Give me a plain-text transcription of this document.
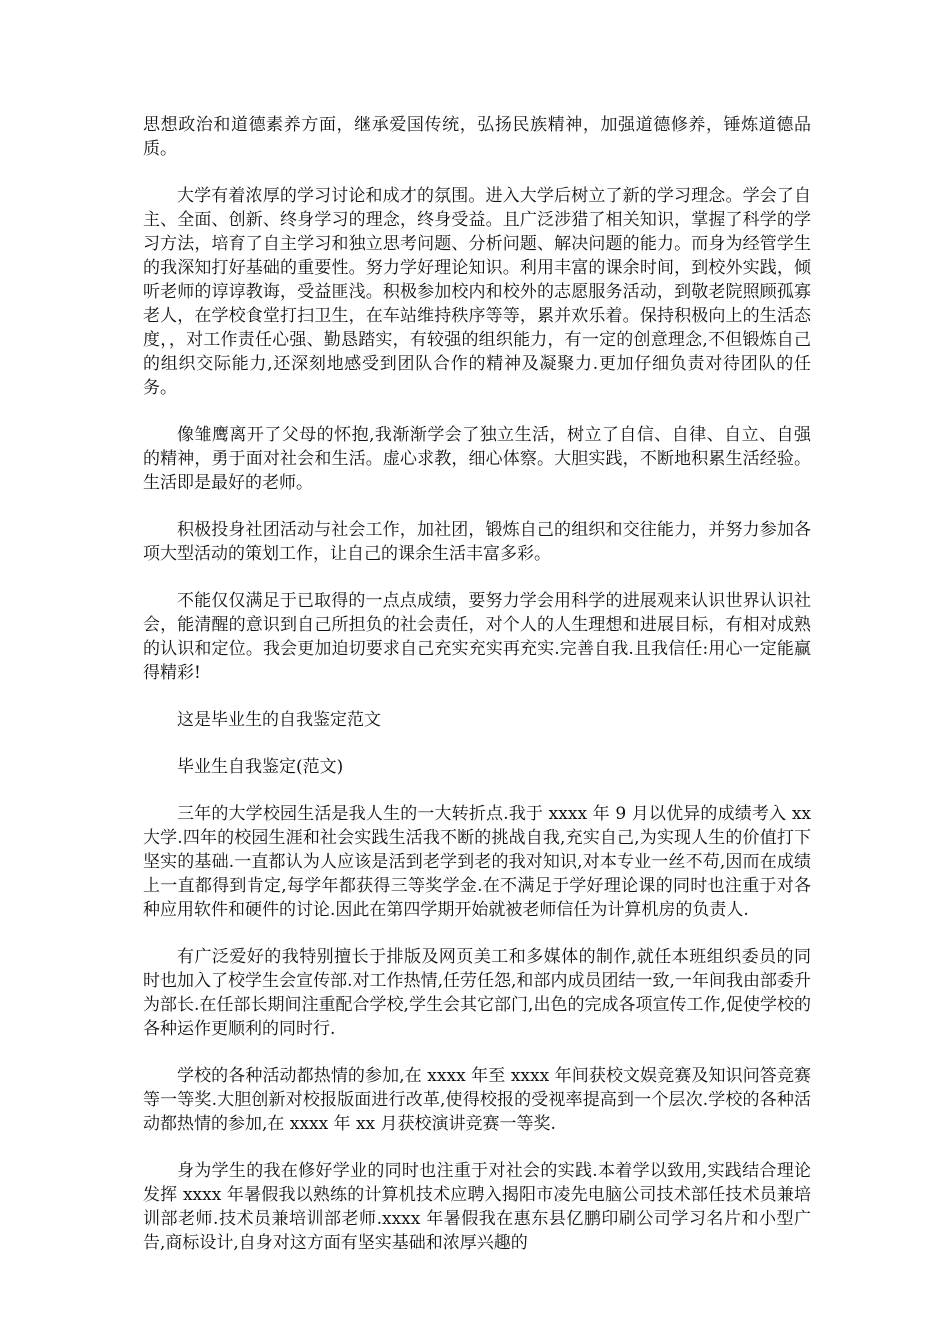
思想政治和道德素养方面，继承爱国传统，弘扬民族精神，加强道德修养，锤炼道德品质。

大学有着浓厚的学习讨论和成才的氛围。进入大学后树立了新的学习理念。学会了自主、全面、创新、终身学习的理念，终身受益。且广泛涉猎了相关知识，掌握了科学的学习方法，培育了自主学习和独立思考问题、分析问题、解决问题的能力。而身为经管学生的我深知打好基础的重要性。努力学好理论知识。利用丰富的课余时间，到校外实践，倾听老师的谆谆教诲，受益匪浅。积极参加校内和校外的志愿服务活动，到敬老院照顾孤寡老人，在学校食堂打扫卫生，在车站维持秩序等等，累并欢乐着。保持积极向上的生活态度，，对工作责任心强、勤恳踏实，有较强的组织能力，有一定的创意理念,不但锻炼自己的组织交际能力,还深刻地感受到团队合作的精神及凝聚力.更加仔细负责对待团队的任务。

像雏鹰离开了父母的怀抱,我渐渐学会了独立生活，树立了自信、自律、自立、自强的精神，勇于面对社会和生活。虚心求教，细心体察。大胆实践，不断地积累生活经验。生活即是最好的老师。

积极投身社团活动与社会工作，加社团，锻炼自己的组织和交往能力，并努力参加各项大型活动的策划工作，让自己的课余生活丰富多彩。

不能仅仅满足于已取得的一点点成绩，要努力学会用科学的进展观来认识世界认识社会，能清醒的意识到自己所担负的社会责任，对个人的人生理想和进展目标，有相对成熟的认识和定位。我会更加迫切要求自己充实充实再充实.完善自我.且我信任:用心一定能赢得精彩!

这是毕业生的自我鉴定范文

毕业生自我鉴定(范文)

三年的大学校园生活是我人生的一大转折点.我于 xxxx 年 9 月以优异的成绩考入 xx 大学.四年的校园生涯和社会实践生活我不断的挑战自我,充实自己,为实现人生的价值打下坚实的基础.一直都认为人应该是活到老学到老的我对知识,对本专业一丝不苟,因而在成绩上一直都得到肯定,每学年都获得三等奖学金.在不满足于学好理论课的同时也注重于对各种应用软件和硬件的讨论.因此在第四学期开始就被老师信任为计算机房的负责人.

有广泛爱好的我特别擅长于排版及网页美工和多媒体的制作,就任本班组织委员的同时也加入了校学生会宣传部.对工作热情,任劳任怨,和部内成员团结一致,一年间我由部委升为部长.在任部长期间注重配合学校,学生会其它部门,出色的完成各项宣传工作,促使学校的各种运作更顺利的同时行.

学校的各种活动都热情的参加,在 xxxx 年至 xxxx 年间获校文娱竞赛及知识问答竞赛等一等奖.大胆创新对校报版面进行改革,使得校报的受视率提高到一个层次.学校的各种活动都热情的参加,在 xxxx 年 xx 月获校演讲竞赛一等奖.

身为学生的我在修好学业的同时也注重于对社会的实践.本着学以致用,实践结合理论发挥 xxxx 年暑假我以熟练的计算机技术应聘入揭阳市凌先电脑公司技术部任技术员兼培训部老师.技术员兼培训部老师.xxxx 年暑假我在惠东县亿鹏印刷公司学习名片和小型广告,商标设计,自身对这方面有坚实基础和浓厚兴趣的
